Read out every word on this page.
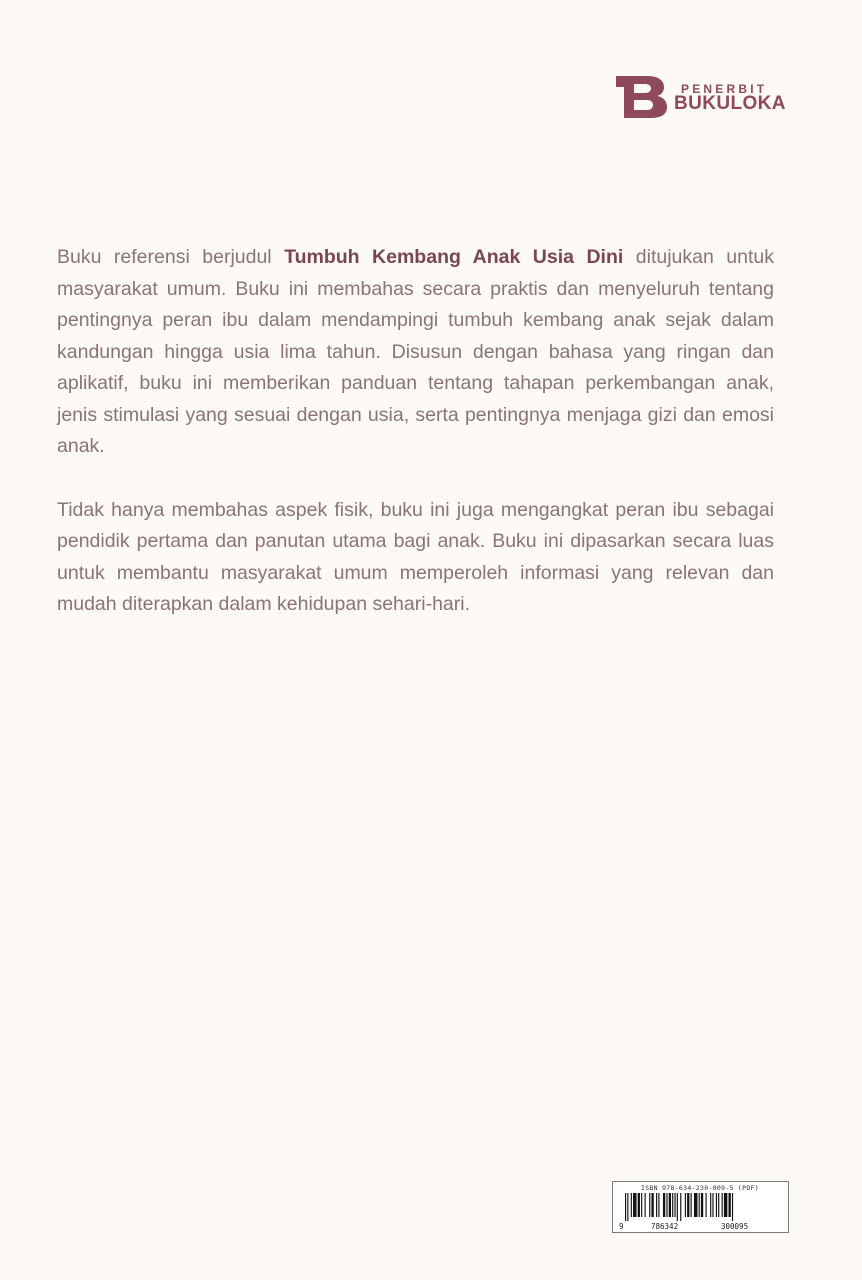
PENERBIT
BUKULOKA

Buku referensi berjudul Tumbuh Kembang Anak Usia Dini ditujukan untuk masyarakat umum. Buku ini membahas secara praktis dan menyeluruh tentang pentingnya peran ibu dalam mendampingi tumbuh kembang anak sejak dalam kandungan hingga usia lima tahun. Disusun dengan bahasa yang ringan dan aplikatif, buku ini memberikan panduan tentang tahapan perkembangan anak, jenis stimulasi yang sesuai dengan usia, serta pentingnya menjaga gizi dan emosi anak.

Tidak hanya membahas aspek fisik, buku ini juga mengangkat peran ibu sebagai pendidik pertama dan panutan utama bagi anak. Buku ini dipasarkan secara luas untuk membantu masyarakat umum memperoleh informasi yang relevan dan mudah diterapkan dalam kehidupan sehari-hari.

ISBN 978-634-230-009-5 (PDF)
9	786342	300095
